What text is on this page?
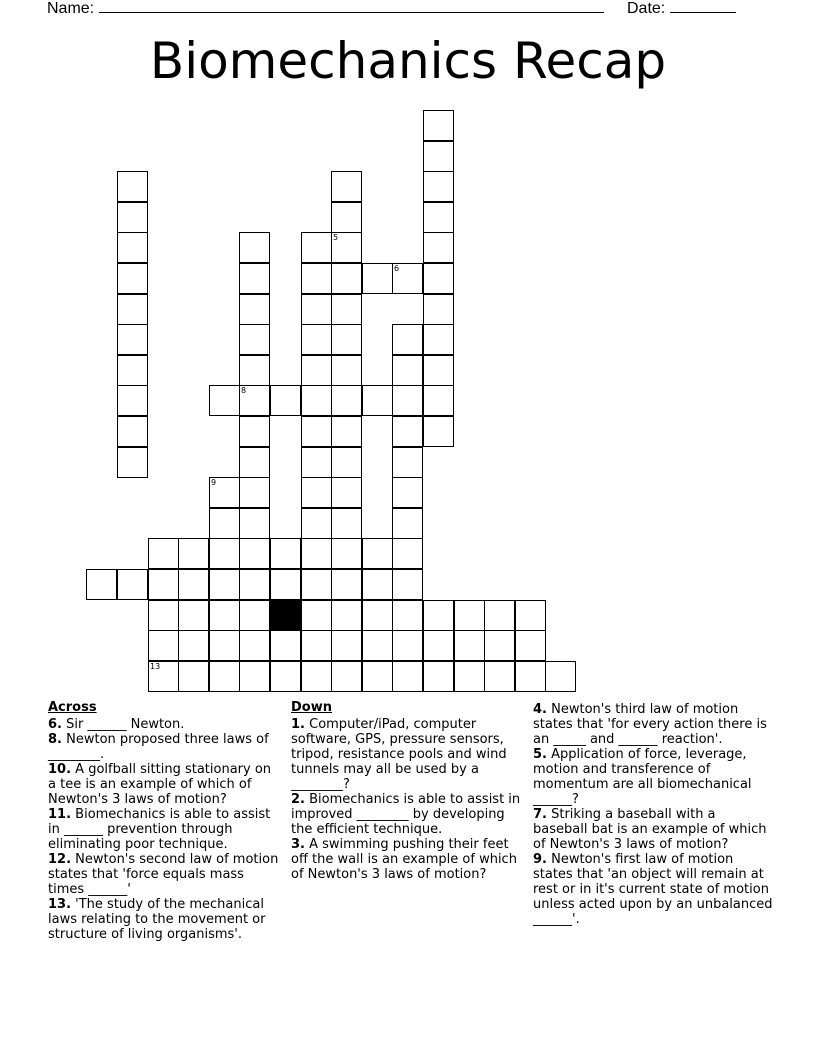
Name:	Date:
Biomechanics Recap
5
8
6
9
13
Across

6. Sir ______ Newton.

8. Newton proposed three laws of ________.

10. A golfball sitting stationary on a tee is an example of which of Newton's 3 laws of motion?

11. Biomechanics is able to assist in ______ prevention through eliminating poor technique.

12. Newton's second law of motion states that 'force equals mass times ______'

13. 'The study of the mechanical laws relating to the movement or structure of living organisms'.

Down

1. Computer/iPad, computer software, GPS, pressure sensors, tripod, resistance pools and wind tunnels may all be used by a ________?

2. Biomechanics is able to assist in improved ________ by developing the efficient technique.

3. A swimming pushing their feet off the wall is an example of which of Newton's 3 laws of motion?

4. Newton's third law of motion states that 'for every action there is an _____ and ______ reaction'.

5. Application of force, leverage, motion and transference of momentum are all biomechanical ______?

7. Striking a baseball with a baseball bat is an example of which of Newton's 3 laws of motion?

9. Newton's first law of motion states that 'an object will remain at rest or in it's current state of motion unless acted upon by an unbalanced ______'.
